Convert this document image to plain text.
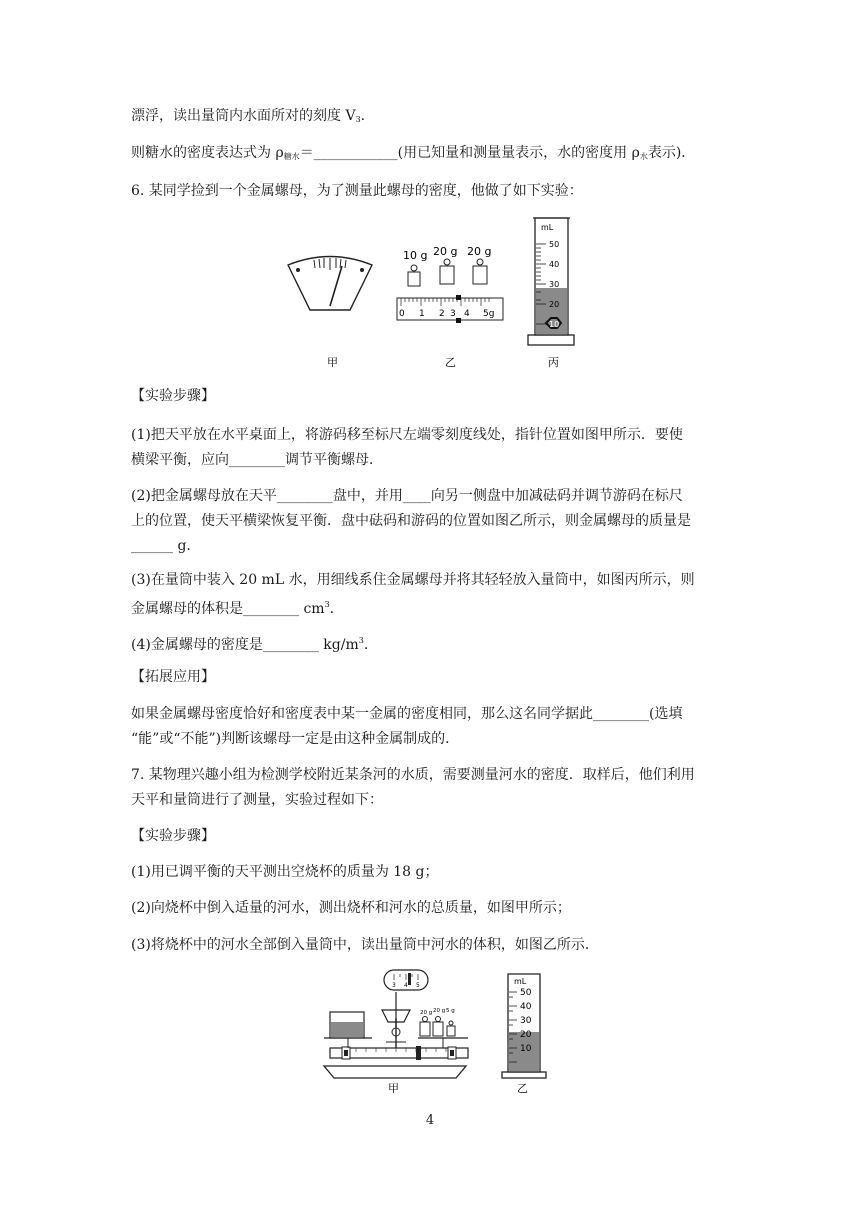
漂浮，读出量筒内水面所对的刻度 $V_3$.
则糖水的密度表达式为 $\rho_{糖水}=\_\_\_\_\_\_\_\_\_\_\_\_$(用已知量和测量量表示，水的密度用 $\rho_水$表示)．
6. 某同学捡到一个金属螺母，为了测量此螺母的密度，他做了如下实验：
甲
10 g 20 g 20 g
0 1 2 3 4 5g
乙
mL
50
40
30
20
10
丙
【实验步骤】
(1)把天平放在水平桌面上，将游码移至标尺左端零刻度线处，指针位置如图甲所示．要使
横梁平衡，应向________调节平衡螺母．
(2)把金属螺母放在天平________盘中，并用____向另一侧盘中加减砝码并调节游码在标尺
上的位置，使天平横梁恢复平衡．盘中砝码和游码的位置如图乙所示，则金属螺母的质量是
______ g.
(3)在量筒中装入 20 mL 水，用细线系住金属螺母并将其轻轻放入量筒中，如图丙所示，则
金属螺母的体积是________ $cm^3$.
(4)金属螺母的密度是________ $kg/m^3$.
【拓展应用】
如果金属螺母密度恰好和密度表中某一金属的密度相同，那么这名同学据此________(选填
“能”或“不能”)判断该螺母一定是由这种金属制成的．
7. 某物理兴趣小组为检测学校附近某条河的水质，需要测量河水的密度．取样后，他们利用
天平和量筒进行了测量，实验过程如下：
【实验步骤】
(1)用已调平衡的天平测出空烧杯的质量为 18 g；
(2)向烧杯中倒入适量的河水，测出烧杯和河水的总质量，如图甲所示；
(3)将烧杯中的河水全部倒入量筒中，读出量筒中河水的体积，如图乙所示．
3 4 5
20 g 20 g 5 g
甲
mL
50
40
30
20
10
乙
4
